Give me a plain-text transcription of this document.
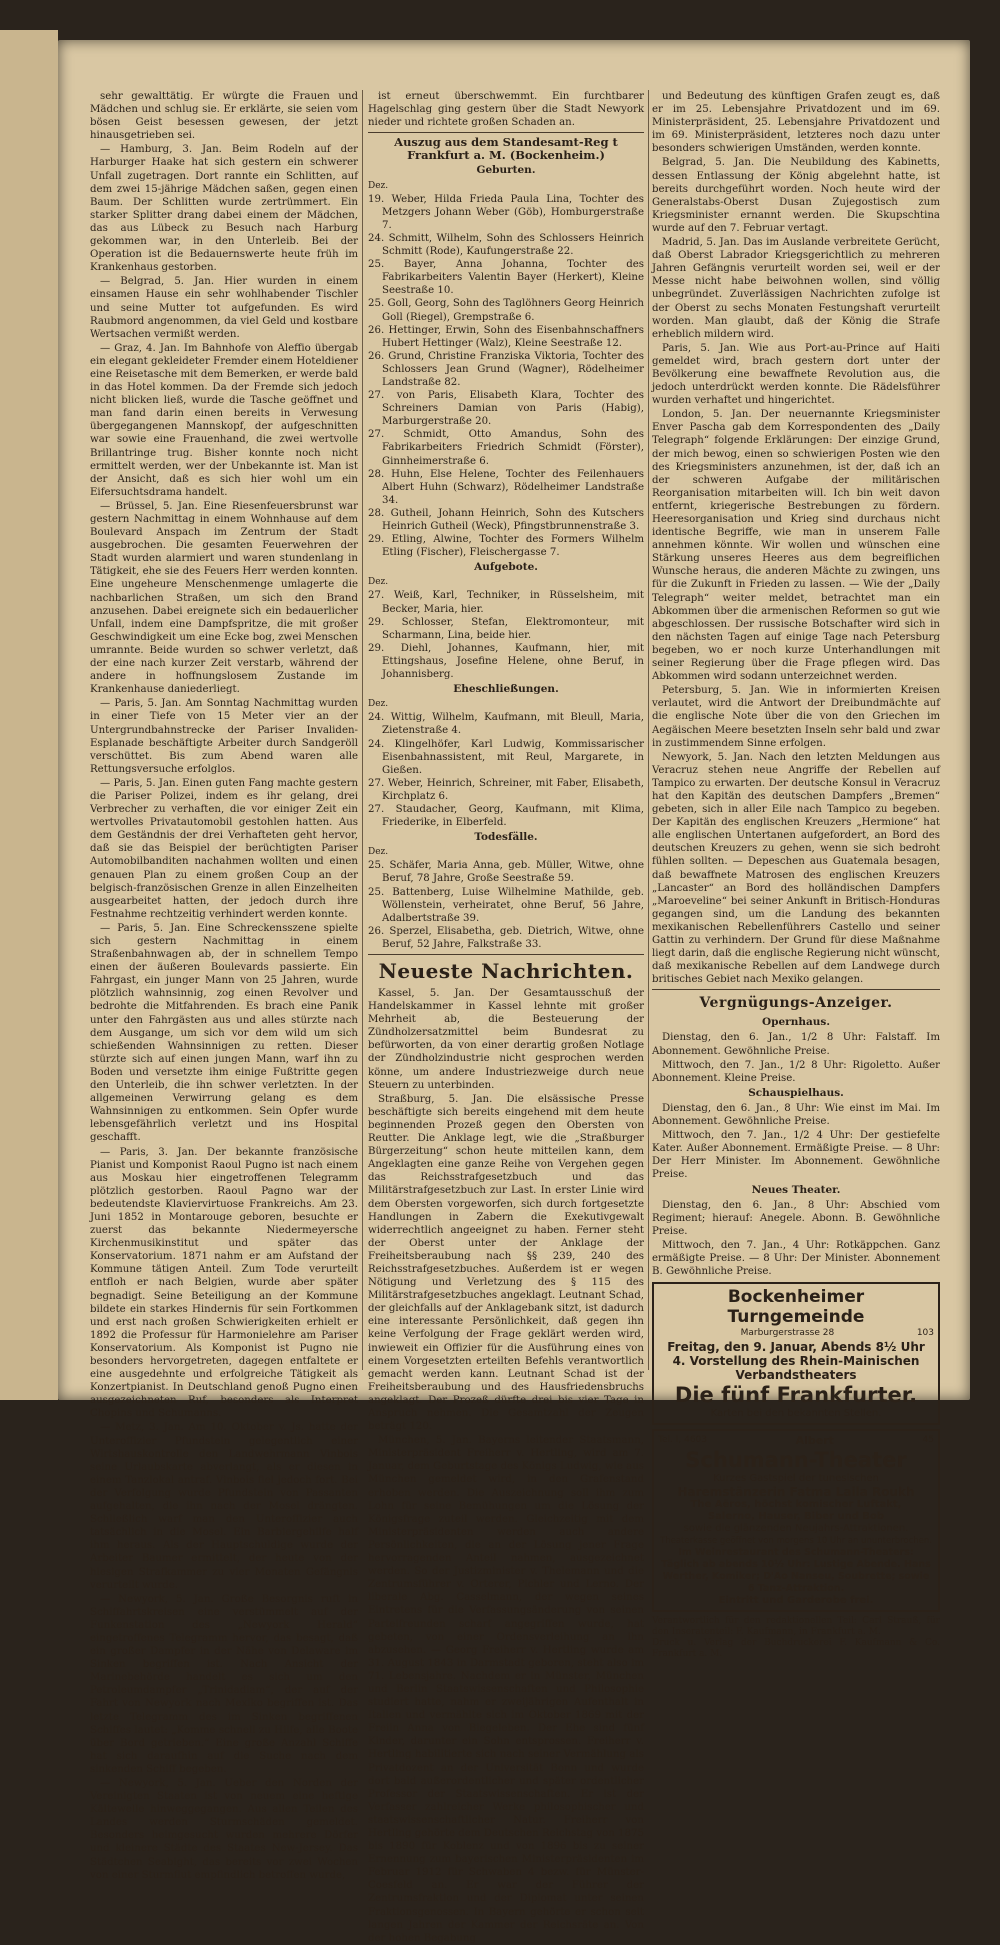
sehr gewalttätig. Er würgte die Frauen und Mädchen und schlug sie. Er erklärte, sie seien vom bösen Geist besessen gewesen, der jetzt hinausgetrieben sei.

— Hamburg, 3. Jan. Beim Rodeln auf der Harburger Haake hat sich gestern ein schwerer Unfall zugetragen. Dort rannte ein Schlitten, auf dem zwei 15-jährige Mädchen saßen, gegen einen Baum. Der Schlitten wurde zertrümmert. Ein starker Splitter drang dabei einem der Mädchen, das aus Lübeck zu Besuch nach Harburg gekommen war, in den Unterleib. Bei der Operation ist die Bedauernswerte heute früh im Krankenhaus gestorben.

— Belgrad, 5. Jan. Hier wurden in einem einsamen Hause ein sehr wohlhabender Tischler und seine Mutter tot aufgefunden. Es wird Raubmord angenommen, da viel Geld und kostbare Wertsachen vermißt werden.

— Graz, 4. Jan. Im Bahnhofe von Aleffio übergab ein elegant gekleideter Fremder einem Hoteldiener eine Reisetasche mit dem Bemerken, er werde bald in das Hotel kommen. Da der Fremde sich jedoch nicht blicken ließ, wurde die Tasche geöffnet und man fand darin einen bereits in Verwesung übergegangenen Mannskopf, der aufgeschnitten war sowie eine Frauenhand, die zwei wertvolle Brillantringe trug. Bisher konnte noch nicht ermittelt werden, wer der Unbekannte ist. Man ist der Ansicht, daß es sich hier wohl um ein Eifersuchtsdrama handelt.

— Brüssel, 5. Jan. Eine Riesenfeuersbrunst war gestern Nachmittag in einem Wohnhause auf dem Boulevard Anspach im Zentrum der Stadt ausgebrochen. Die gesamten Feuerwehren der Stadt wurden alarmiert und waren stundenlang in Tätigkeit, ehe sie des Feuers Herr werden konnten. Eine ungeheure Menschenmenge umlagerte die nachbarlichen Straßen, um sich den Brand anzusehen. Dabei ereignete sich ein bedauerlicher Unfall, indem eine Dampfspritze, die mit großer Geschwindigkeit um eine Ecke bog, zwei Menschen umrannte. Beide wurden so schwer verletzt, daß der eine nach kurzer Zeit verstarb, während der andere in hoffnungslosem Zustande im Krankenhause daniederliegt.

— Paris, 5. Jan. Am Sonntag Nachmittag wurden in einer Tiefe von 15 Meter vier an der Untergrundbahnstrecke der Pariser Invaliden-Esplanade beschäftigte Arbeiter durch Sandgeröll verschüttet. Bis zum Abend waren alle Rettungsversuche erfolglos.

— Paris, 5. Jan. Einen guten Fang machte gestern die Pariser Polizei, indem es ihr gelang, drei Verbrecher zu verhaften, die vor einiger Zeit ein wertvolles Privatautomobil gestohlen hatten. Aus dem Geständnis der drei Verhafteten geht hervor, daß sie das Beispiel der berüchtigten Pariser Automobilbanditen nachahmen wollten und einen genauen Plan zu einem großen Coup an der belgisch-französischen Grenze in allen Einzelheiten ausgearbeitet hatten, der jedoch durch ihre Festnahme rechtzeitig verhindert werden konnte.

— Paris, 5. Jan. Eine Schreckensszene spielte sich gestern Nachmittag in einem Straßenbahnwagen ab, der in schnellem Tempo einen der äußeren Boulevards passierte. Ein Fahrgast, ein junger Mann von 25 Jahren, wurde plötzlich wahnsinnig, zog einen Revolver und bedrohte die Mitfahrenden. Es brach eine Panik unter den Fahrgästen aus und alles stürzte nach dem Ausgange, um sich vor dem wild um sich schießenden Wahnsinnigen zu retten. Dieser stürzte sich auf einen jungen Mann, warf ihn zu Boden und versetzte ihm einige Fußtritte gegen den Unterleib, die ihn schwer verletzten. In der allgemeinen Verwirrung gelang es dem Wahnsinnigen zu entkommen. Sein Opfer wurde lebensgefährlich verletzt und ins Hospital geschafft.

— Paris, 3. Jan. Der bekannte französische Pianist und Komponist Raoul Pugno ist nach einem aus Moskau hier eingetroffenen Telegramm plötzlich gestorben. Raoul Pagno war der bedeutendste Klaviervirtuose Frankreichs. Am 23. Juni 1852 in Montarouge geboren, besuchte er zuerst das bekannte Niedermeyersche Kirchenmusikinstitut und später das Konservatorium. 1871 nahm er am Aufstand der Kommune tätigen Anteil. Zum Tode verurteilt entfloh er nach Belgien, wurde aber später begnadigt. Seine Beteiligung an der Kommune bildete ein starkes Hindernis für sein Fortkommen und erst nach großen Schwierigkeiten erhielt er 1892 die Professur für Harmonielehre am Pariser Konservatorium. Als Komponist ist Pugno nie besonders hervorgetreten, dagegen entfaltete er eine ausgedehnte und erfolgreiche Tätigkeit als Konzertpianist. In Deutschland genoß Pugno einen ausgezeichneten Ruf, besonders als Interpret Chopins und Schumanns.

— Metz, 3. Jan. Am 10. Oktober v. Js. hatte der Unteroffizier Pfundstein gelegentlich einer Wirtshauskontrolle den Landwehrmann Vinbois seine Urlaubskarte abverlangt, als er diesen in einem Tanzlokal antraf. Vinbois fiel jedoch fort. Bei der Verfolgung wurde Pfundstein von Passanten aufgehalten, die ihn nach der Mosel drängten. Schließlich warf man den Unteroffizier auch tatsächlich in die Mosel. Ein Barbiergehilfe half ihm heraus. Als der Hauptschuldige wurde der Arbeiter Baumer ermittelt, der heute von der hiesigen Strafkammer zu vier Monaten Gefängnis verurteilt wurde.

— Newyork, 5. Jan. Große Besorgnis ruft in Schiffahrtskreisen eine verstümmelt auf der Funkenstation des „Newyork Herald“ eingetroffenes Telegramm hervor, das besagt, daß ein großer Dampfer in der Nähe von Delaware im Sinken begriffen ist. Nach Ansicht der Marinebehörde handelt es sich um den Petroleumdampfer „Trinidadiam“, der auf der Fahrt von Newyork nach Mexiko begriffen ist. Das letzte Telegramm des im Sinken begriffenen Schiffes lautet: „Komme schnell zu Hilfe, alle Boote über Bord getrieben.“ Eine große Anzahl Schiffe hat sich daraufhin auf die Suche nach dem sinkenden Schiff begeben.

— Newyork, 5. Jan. Ueber den Norden der Vereinigten Staaten ist von neuem eine heftige Kältewelle hinweggegangen. Aus allen Teilen des Landes werden Sturmschäden gemeldet. Besonders heimgesucht wurden mehrere Dörfer und kleinere Städte des Staates New-Jersey. Das Städtchen Seabight, das bereits vor zwei Wochen von einer Sturmflut empfindlich betroffen wurde,

ist erneut überschwemmt. Ein furchtbarer Hagelschlag ging gestern über die Stadt Newyork nieder und richtete großen Schaden an.

Auszug aus dem Standesamt-Reg t Frankfurt a. M. (Bockenheim.)
Geburten.
Dez.

19. Weber, Hilda Frieda Paula Lina, Tochter des Metzgers Johann Weber (Göb), Homburgerstraße 7.

24. Schmitt, Wilhelm, Sohn des Schlossers Heinrich Schmitt (Rode), Kaufungerstraße 22.

25. Bayer, Anna Johanna, Tochter des Fabrikarbeiters Valentin Bayer (Herkert), Kleine Seestraße 10.

25. Goll, Georg, Sohn des Taglöhners Georg Heinrich Goll (Riegel), Grempstraße 6.

26. Hettinger, Erwin, Sohn des Eisenbahnschaffners Hubert Hettinger (Walz), Kleine Seestraße 12.

26. Grund, Christine Franziska Viktoria, Tochter des Schlossers Jean Grund (Wagner), Rödelheimer Landstraße 82.

27. von Paris, Elisabeth Klara, Tochter des Schreiners Damian von Paris (Habig), Marburgerstraße 20.

27. Schmidt, Otto Amandus, Sohn des Fabrikarbeiters Friedrich Schmidt (Förster), Ginnheimerstraße 6.

28. Huhn, Else Helene, Tochter des Feilenhauers Albert Huhn (Schwarz), Rödelheimer Landstraße 34.

28. Gutheil, Johann Heinrich, Sohn des Kutschers Heinrich Gutheil (Weck), Pfingstbrunnenstraße 3.

29. Etling, Alwine, Tochter des Formers Wilhelm Etling (Fischer), Fleischergasse 7.

Aufgebote.
Dez.

27. Weiß, Karl, Techniker, in Rüsselsheim, mit Becker, Maria, hier.

29. Schlosser, Stefan, Elektromonteur, mit Scharmann, Lina, beide hier.

29. Diehl, Johannes, Kaufmann, hier, mit Ettingshaus, Josefine Helene, ohne Beruf, in Johannisberg.

Eheschließungen.
Dez.

24. Wittig, Wilhelm, Kaufmann, mit Bleull, Maria, Zietenstraße 4.

24. Klingelhöfer, Karl Ludwig, Kommissarischer Eisenbahnassistent, mit Reul, Margarete, in Gießen.

27. Weber, Heinrich, Schreiner, mit Faber, Elisabeth, Kirchplatz 6.

27. Staudacher, Georg, Kaufmann, mit Klima, Friederike, in Elberfeld.

Todesfälle.
Dez.

25. Schäfer, Maria Anna, geb. Müller, Witwe, ohne Beruf, 78 Jahre, Große Seestraße 59.

25. Battenberg, Luise Wilhelmine Mathilde, geb. Wöllenstein, verheiratet, ohne Beruf, 56 Jahre, Adalbertstraße 39.

26. Sperzel, Elisabetha, geb. Dietrich, Witwe, ohne Beruf, 52 Jahre, Falkstraße 33.

Neueste Nachrichten.

Kassel, 5. Jan. Der Gesamtausschuß der Handelskammer in Kassel lehnte mit großer Mehrheit ab, die Besteuerung der Zündholzersatzmittel beim Bundesrat zu befürworten, da von einer derartig großen Notlage der Zündholzindustrie nicht gesprochen werden könne, um andere Industriezweige durch neue Steuern zu unterbinden.

Straßburg, 5. Jan. Die elsässische Presse beschäftigte sich bereits eingehend mit dem heute beginnenden Prozeß gegen den Obersten von Reutter. Die Anklage legt, wie die „Straßburger Bürgerzeitung“ schon heute mitteilen kann, dem Angeklagten eine ganze Reihe von Vergehen gegen das Reichsstrafgesetzbuch und das Militärstrafgesetzbuch zur Last. In erster Linie wird dem Obersten vorgeworfen, sich durch fortgesetzte Handlungen in Zabern die Exekutivgewalt widerrechtlich angeeignet zu haben. Ferner steht der Oberst unter der Anklage der Freiheitsberaubung nach §§ 239, 240 des Reichsstrafgesetzbuches. Außerdem ist er wegen Nötigung und Verletzung des § 115 des Militärstrafgesetzbuches angeklagt. Leutnant Schad, der gleichfalls auf der Anklagebank sitzt, ist dadurch eine interessante Persönlichkeit, daß gegen ihn keine Verfolgung der Frage geklärt werden wird, inwieweit ein Offizier für die Ausführung eines von einem Vorgesetzten erteilten Befehls verantwortlich gemacht werden kann. Leutnant Schad ist der Freiheitsberaubung und des Hausfriedensbruchs angeklagt. Der Prozeß dürfte drei bis vier Tage in Anspruch nehmen. Die Gesamtzahl der Zeugen beträgt 120.

München, 5. Jan. Bayerns leitender Staatsmann, Ministerpräsident Freiherr v. Hertling, wird am 7. Januar, dem Geburtstage des Königs Ludwig, wie aus München gemeldet wird, in den Grafenstand erhoben werden. Die Auszeichnung soll ihm zum Lohn für seine Bemühungen um die Lösung der Königsfrage zuteil werden. Gleichzeitig mit dem Ministerpräsidenten werden auch andere Persönlichkeiten, die an der Lösung jener Frage hervorragenden Anteil nahmen, ausgezeichnet werden. So der Justizminister v. Thelemann und die Zentrumsführer v. Orterer, Pichler und Lerno. Der liberale Abg. Casselmann, der wegen seines Eintretens für die Verfassungsänderung von seinen Parteifreunden scharf angegriffen wurde, hat gebeten, von einer Ordensverleihung an ihn abzusehen. — Georg Freiherr v. Hertling wurde am 31. August 1843 in Darmstadt geboren, steht also im 71. Lebensjahre. Nachdem er in Münster, München und Berlin Staatswissenschaften und Philosophie studiert hatte, nahm er zweijährigen Aufenthalt in Italien und vermählte sich im Oktober 1869 mit der Freiin Anna von Biegeleben. Der Ehe sind fünf Kinder, darunter ein Sohn entsprossen. Freiherr v. Hertling habilitierte sich nach seiner Vermählung als Privatdozent an der Universität Bonn und wurde dort bald außerordentlicher und später ordentlicher Professor der Staatswissenschaften. Er ist der Verfasser zahlreicher Werke philosophischer und staatswissenschaftlicher Natur. Freiherr von Hertling gehörte dem Deutschen Reichstag von 1875 bis 1890 für Koblenz und von 1896 bis zu seiner Ernennung zum bayerischen Ministerpräsidenten im Februar 1912 für Schwaben 4 bezw. für Münster-Coesfeld an. Er war der Führer der Zentrumsfraktion und der Diplomat unter seinen Fraktionsgenossen. In Bayern gehörte er schon seit langen Jahren der Kammer der Reichsräte an. Von der hohen Begabung

und Bedeutung des künftigen Grafen zeugt es, daß er im 25. Lebensjahre Privatdozent und im 69. Ministerpräsident, 25. Lebensjahre Privatdozent und im 69. Ministerpräsident, letzteres noch dazu unter besonders schwierigen Umständen, werden konnte.

Belgrad, 5. Jan. Die Neubildung des Kabinetts, dessen Entlassung der König abgelehnt hatte, ist bereits durchgeführt worden. Noch heute wird der Generalstabs-Oberst Dusan Zujegostisch zum Kriegsminister ernannt werden. Die Skupschtina wurde auf den 7. Februar vertagt.

Madrid, 5. Jan. Das im Auslande verbreitete Gerücht, daß Oberst Labrador Kriegsgerichtlich zu mehreren Jahren Gefängnis verurteilt worden sei, weil er der Messe nicht habe beiwohnen wollen, sind völlig unbegründet. Zuverlässigen Nachrichten zufolge ist der Oberst zu sechs Monaten Festungshaft verurteilt worden. Man glaubt, daß der König die Strafe erheblich mildern wird.

Paris, 5. Jan. Wie aus Port-au-Prince auf Haiti gemeldet wird, brach gestern dort unter der Bevölkerung eine bewaffnete Revolution aus, die jedoch unterdrückt werden konnte. Die Rädelsführer wurden verhaftet und hingerichtet.

London, 5. Jan. Der neuernannte Kriegsminister Enver Pascha gab dem Korrespondenten des „Daily Telegraph“ folgende Erklärungen: Der einzige Grund, der mich bewog, einen so schwierigen Posten wie den des Kriegsministers anzunehmen, ist der, daß ich an der schweren Aufgabe der militärischen Reorganisation mitarbeiten will. Ich bin weit davon entfernt, kriegerische Bestrebungen zu fördern. Heeresorganisation und Krieg sind durchaus nicht identische Begriffe, wie man in unserem Falle annehmen könnte. Wir wollen und wünschen eine Stärkung unseres Heeres aus dem begreiflichen Wunsche heraus, die anderen Mächte zu zwingen, uns für die Zukunft in Frieden zu lassen. — Wie der „Daily Telegraph“ weiter meldet, betrachtet man ein Abkommen über die armenischen Reformen so gut wie abgeschlossen. Der russische Botschafter wird sich in den nächsten Tagen auf einige Tage nach Petersburg begeben, wo er noch kurze Unterhandlungen mit seiner Regierung über die Frage pflegen wird. Das Abkommen wird sodann unterzeichnet werden.

Petersburg, 5. Jan. Wie in informierten Kreisen verlautet, wird die Antwort der Dreibundmächte auf die englische Note über die von den Griechen im Aegäischen Meere besetzten Inseln sehr bald und zwar in zustimmendem Sinne erfolgen.

Newyork, 5. Jan. Nach den letzten Meldungen aus Veracruz stehen neue Angriffe der Rebellen auf Tampico zu erwarten. Der deutsche Konsul in Veracruz hat den Kapitän des deutschen Dampfers „Bremen“ gebeten, sich in aller Eile nach Tampico zu begeben. Der Kapitän des englischen Kreuzers „Hermione“ hat alle englischen Untertanen aufgefordert, an Bord des deutschen Kreuzers zu gehen, wenn sie sich bedroht fühlen sollten. — Depeschen aus Guatemala besagen, daß bewaffnete Matrosen des englischen Kreuzers „Lancaster“ an Bord des holländischen Dampfers „Maroeveline“ bei seiner Ankunft in Britisch-Honduras gegangen sind, um die Landung des bekannten mexikanischen Rebellenführers Castello und seiner Gattin zu verhindern. Der Grund für diese Maßnahme liegt darin, daß die englische Regierung nicht wünscht, daß mexikanische Rebellen auf dem Landwege durch britisches Gebiet nach Mexiko gelangen.

Vergnügungs-Anzeiger.
Opernhaus.

Dienstag, den 6. Jan., 1/2 8 Uhr: Falstaff. Im Abonnement. Gewöhnliche Preise.

Mittwoch, den 7. Jan., 1/2 8 Uhr: Rigoletto. Außer Abonnement. Kleine Preise.

Schauspielhaus.

Dienstag, den 6. Jan., 8 Uhr: Wie einst im Mai. Im Abonnement. Gewöhnliche Preise.

Mittwoch, den 7. Jan., 1/2 4 Uhr: Der gestiefelte Kater. Außer Abonnement. Ermäßigte Preise. — 8 Uhr: Der Herr Minister. Im Abonnement. Gewöhnliche Preise.

Neues Theater.

Dienstag, den 6. Jan., 8 Uhr: Abschied vom Regiment; hierauf: Anegele. Abonn. B. Gewöhnliche Preise.

Mittwoch, den 7. Jan., 4 Uhr: Rotkäppchen. Ganz ermäßigte Preise. — 8 Uhr: Der Minister. Abonnement B. Gewöhnliche Preise.

Bockenheimer Turngemeinde
Marburgerstrasse 28	103
Freitag, den 9. Januar, Abends 8½ Uhr
4. Vorstellung des Rhein-Mainischen Verbandstheaters
Die fünf Frankfurter.
Karten bei den bekannten Stellen.
Tel. I, 4603	Albert	45
Schumann-Theater
Kurzes Gastspiel der tunesischen
Haremstänzerin Fatma Laila Roukh
The Aëros, höchst komischer Luftakt,
Salerno, Hauser, Biber und Bob
sowie die glänzenden Neujahrs-Attraktionen.
Theaterkasse geöffnet von morgens 10 Uhr an ununterbrochen.
Im Weinrestaurant des Schumann-Theaters: Täglich ab abends 10½ Uhr: Lustige Abende. Hans Werther, Komiker; D'Ao Nanseu, Soubrette; sowie 6 Tanz-Attraktion.
Eintritt und Garderobe frei.
Verantwortlich für den redaktionellen Teil: Carl Strauß, für den Inseratenteil: F. Kaufmann, in Frankfurt a. M.
Druck u. Verlag der Buchdruckerei F. Kaufmann & Co. Frankfurt a. M.
